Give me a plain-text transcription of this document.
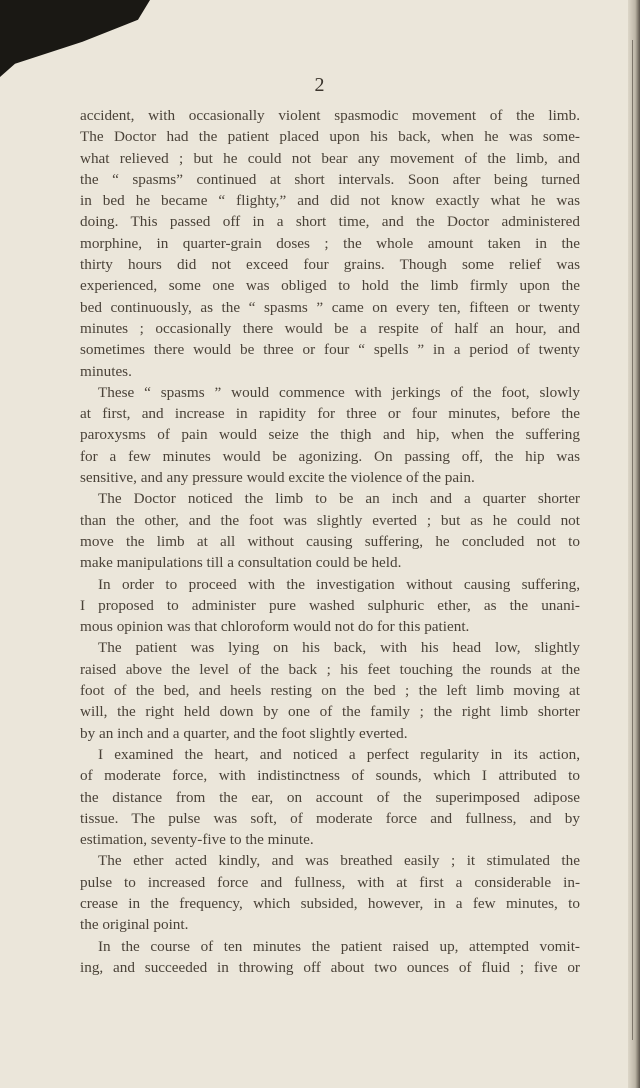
2
accident, with occasionally violent spasmodic movement of the limb.
The Doctor had the patient placed upon his back, when he was some-
what relieved ; but he could not bear any movement of the limb, and
the “ spasms” continued at short intervals. Soon after being turned
in bed he became “ flighty,” and did not know exactly what he was
doing. This passed off in a short time, and the Doctor administered
morphine, in quarter-grain doses ; the whole amount taken in the
thirty hours did not exceed four grains. Though some relief was
experienced, some one was obliged to hold the limb firmly upon the
bed continuously, as the “ spasms ” came on every ten, fifteen or twenty
minutes ; occasionally there would be a respite of half an hour, and
sometimes there would be three or four “ spells ” in a period of twenty
minutes.
These “ spasms ” would commence with jerkings of the foot, slowly
at first, and increase in rapidity for three or four minutes, before the
paroxysms of pain would seize the thigh and hip, when the suffering
for a few minutes would be agonizing. On passing off, the hip was
sensitive, and any pressure would excite the violence of the pain.
The Doctor noticed the limb to be an inch and a quarter shorter
than the other, and the foot was slightly everted ; but as he could not
move the limb at all without causing suffering, he concluded not to
make manipulations till a consultation could be held.
In order to proceed with the investigation without causing suffering,
I proposed to administer pure washed sulphuric ether, as the unani-
mous opinion was that chloroform would not do for this patient.
The patient was lying on his back, with his head low, slightly
raised above the level of the back ; his feet touching the rounds at the
foot of the bed, and heels resting on the bed ; the left limb moving at
will, the right held down by one of the family ; the right limb shorter
by an inch and a quarter, and the foot slightly everted.
I examined the heart, and noticed a perfect regularity in its action,
of moderate force, with indistinctness of sounds, which I attributed to
the distance from the ear, on account of the superimposed adipose
tissue. The pulse was soft, of moderate force and fullness, and by
estimation, seventy-five to the minute.
The ether acted kindly, and was breathed easily ; it stimulated the
pulse to increased force and fullness, with at first a considerable in-
crease in the frequency, which subsided, however, in a few minutes, to
the original point.
In the course of ten minutes the patient raised up, attempted vomit-
ing, and succeeded in throwing off about two ounces of fluid ; five or
